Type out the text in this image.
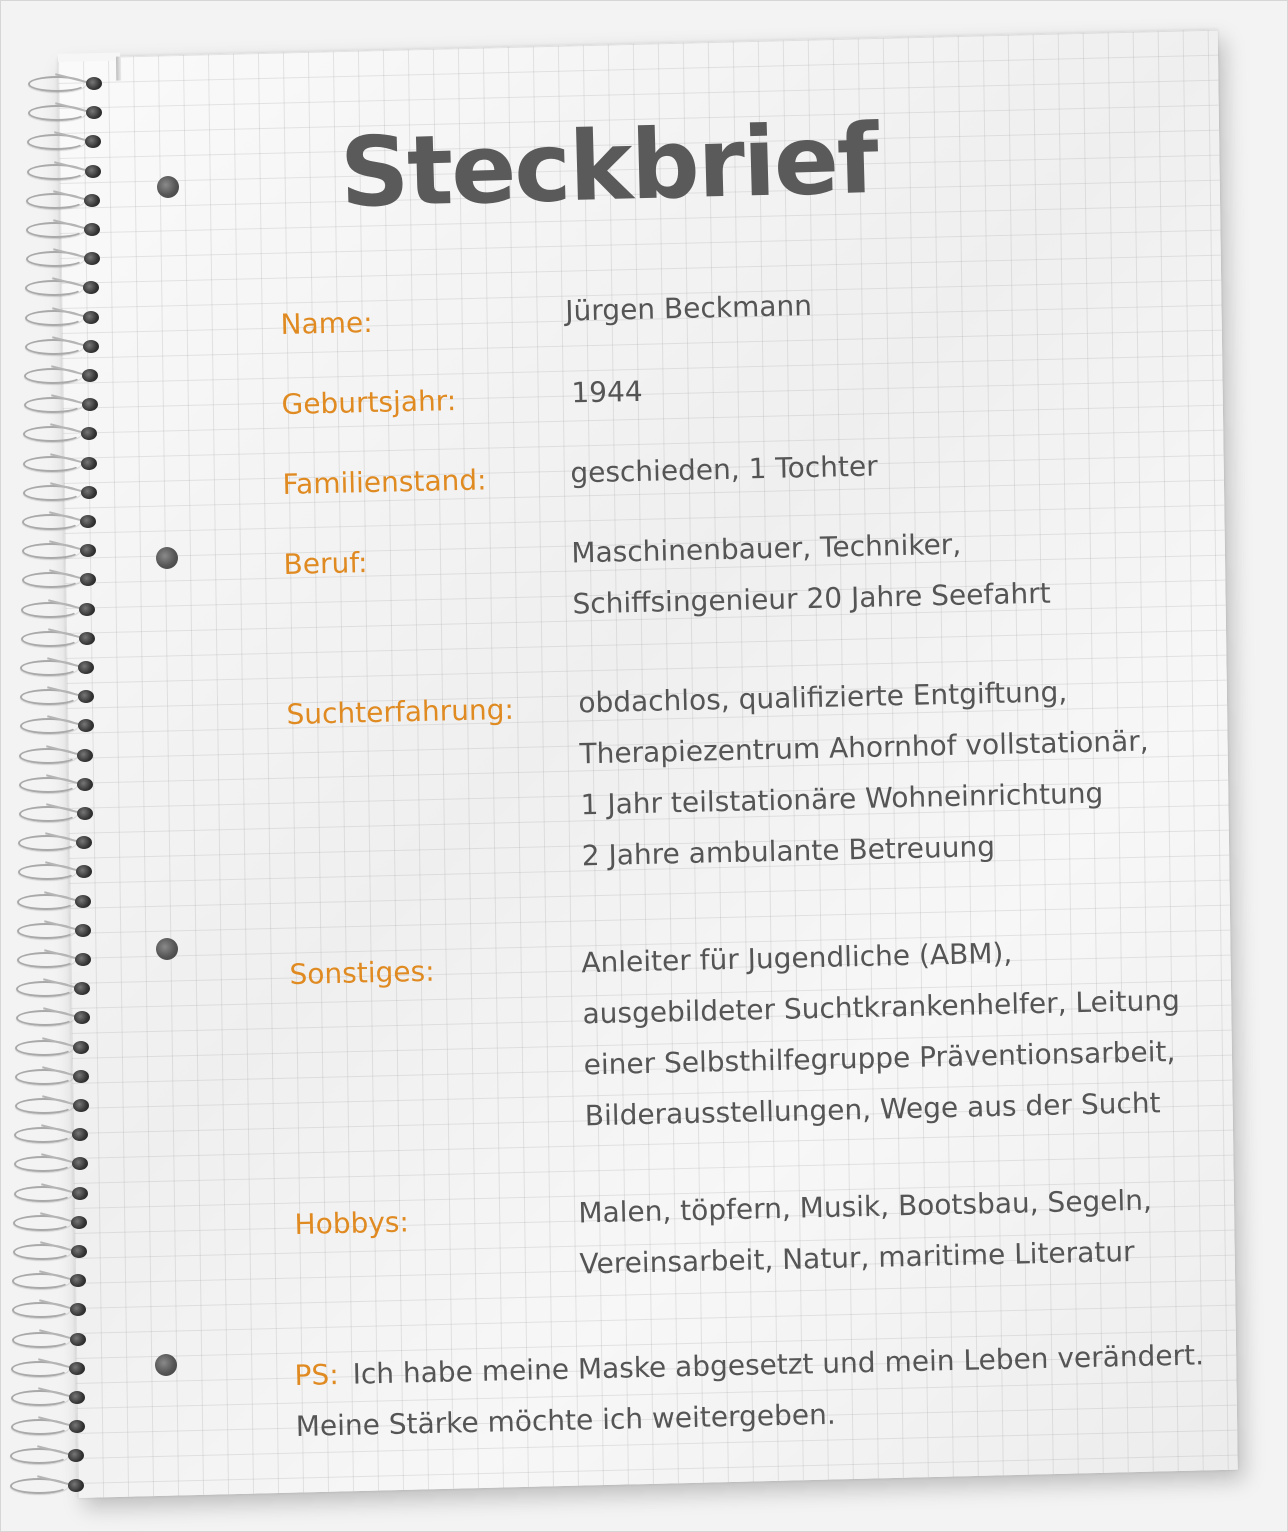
Steckbrief
Name:	Jürgen Beckmann
Geburtsjahr:	1944
Familienstand:	geschieden, 1 Tochter
Beruf:	Maschinenbauer, Techniker,
Schiffsingenieur 20 Jahre Seefahrt
Suchterfahrung: obdachlos, qualifizierte Entgiftung,
Therapiezentrum Ahornhof vollstationär,
1 Jahr teilstationäre Wohneinrichtung
2 Jahre ambulante Betreuung
Sonstiges:	Anleiter für Jugendliche (ABM),
ausgebildeter Suchtkrankenhelfer, Leitung
einer Selbsthilfegruppe Präventionsarbeit,
Bilderausstellungen, Wege aus der Sucht
Hobbys:	Malen, töpfern, Musik, Bootsbau, Segeln,
Vereinsarbeit, Natur, maritime Literatur
PS: Ich habe meine Maske abgesetzt und mein Leben verändert.
Meine Stärke möchte ich weitergeben.
